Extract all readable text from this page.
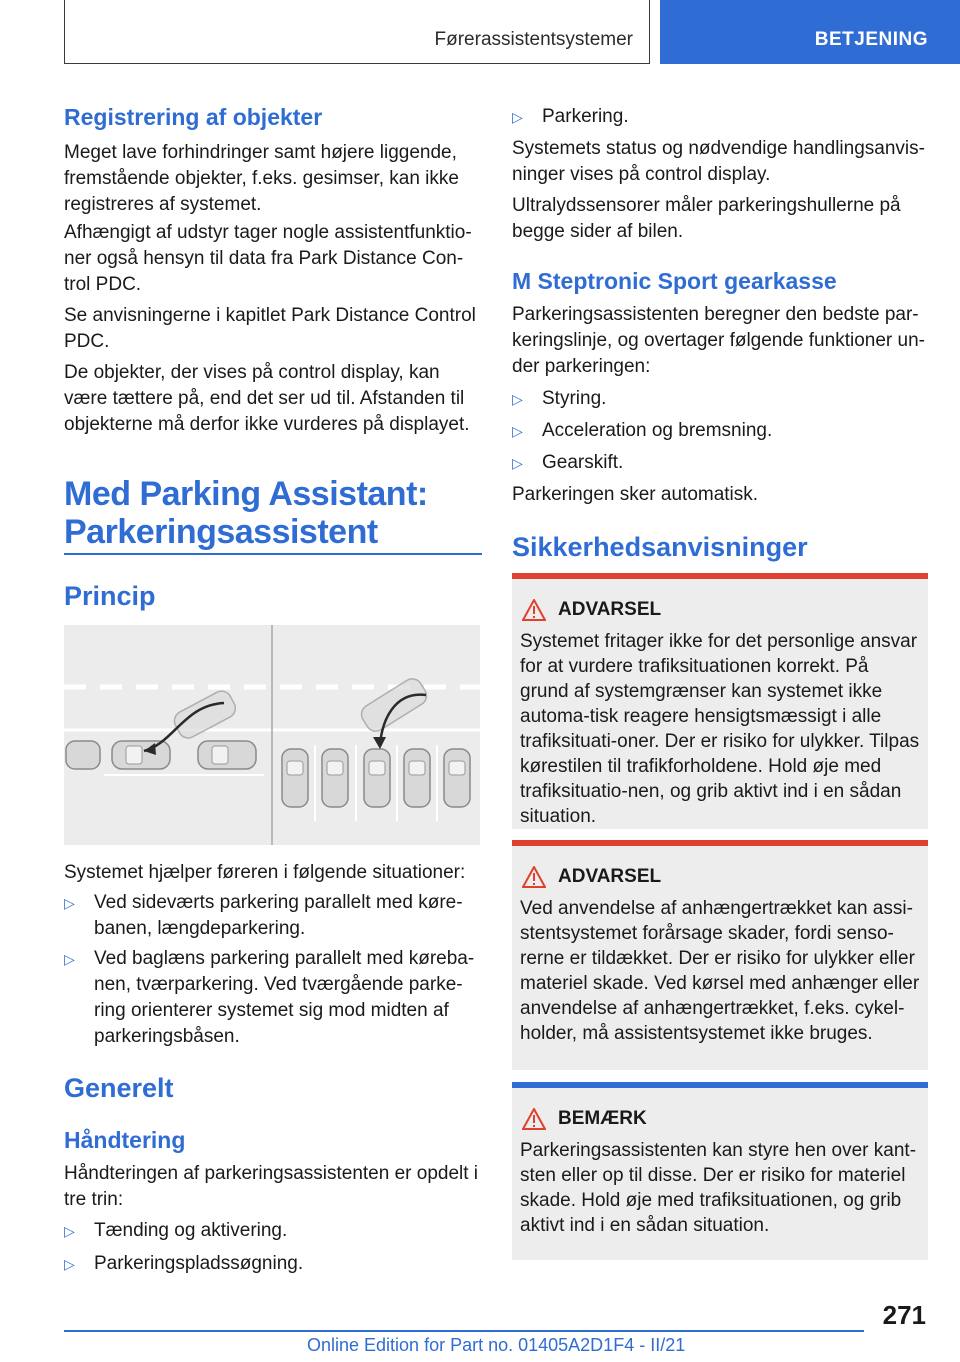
Førerassistentsystemer	BETJENING

Registrering af objekter

Meget lave forhindringer samt højere liggende, fremstående objekter, f.eks. gesimser, kan ikke registreres af systemet.

Afhængigt af udstyr tager nogle assistentfunktio-ner også hensyn til data fra Park Distance Con-trol PDC.

Se anvisningerne i kapitlet Park Distance Control PDC.

De objekter, der vises på control display, kan være tættere på, end det ser ud til. Afstanden til objekterne må derfor ikke vurderes på displayet.

Med Parking Assistant:

Parkeringsassistent

Princip

Systemet hjælper føreren i følgende situationer:

▷	Ved sideværts parkering parallelt med køre-banen, længdeparkering.
▷	Ved baglæns parkering parallelt med køreba-nen, tværparkering. Ved tværgående parke-ring orienterer systemet sig mod midten af parkeringsbåsen.

Generelt

Håndtering

Håndteringen af parkeringsassistenten er opdelt i tre trin:

▷	Tænding og aktivering.
▷	Parkeringspladssøgning.
▷	Parkering.

Systemets status og nødvendige handlingsanvis-ninger vises på control display.

Ultralydssensorer måler parkeringshullerne på begge sider af bilen.

M Steptronic Sport gearkasse

Parkeringsassistenten beregner den bedste par-keringslinje, og overtager følgende funktioner un-der parkeringen:

▷	Styring.
▷	Acceleration og bremsning.
▷	Gearskift.

Parkeringen sker automatisk.

Sikkerhedsanvisninger

ADVARSEL

Systemet fritager ikke for det personlige ansvar for at vurdere trafiksituationen korrekt. På grund af systemgrænser kan systemet ikke automa-tisk reagere hensigtsmæssigt i alle trafiksituati-oner. Der er risiko for ulykker. Tilpas kørestilen til trafikforholdene. Hold øje med trafiksituatio-nen, og grib aktivt ind i en sådan situation.

ADVARSEL

Ved anvendelse af anhængertrækket kan assi-stentsystemet forårsage skader, fordi senso-rerne er tildækket. Der er risiko for ulykker eller materiel skade. Ved kørsel med anhænger eller anvendelse af anhængertrækket, f.eks. cykel-holder, må assistentsystemet ikke bruges.

BEMÆRK

Parkeringsassistenten kan styre hen over kant-sten eller op til disse. Der er risiko for materiel skade. Hold øje med trafiksituationen, og grib aktivt ind i en sådan situation.

271
Online Edition for Part no. 01405A2D1F4 - II/21
